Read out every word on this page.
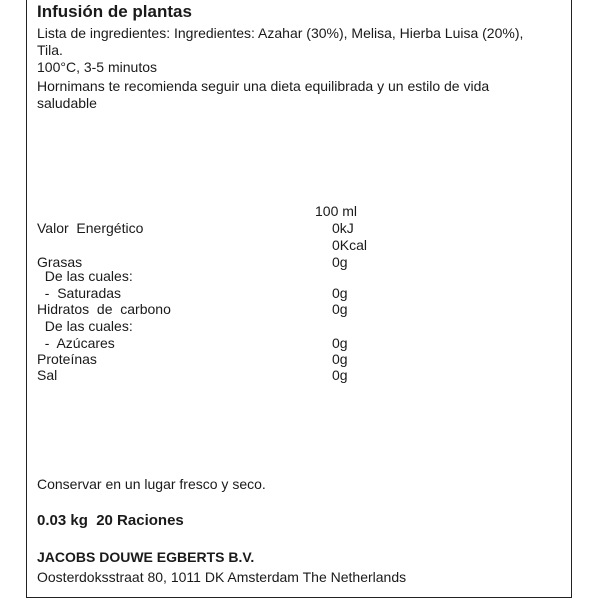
Infusión de plantas
Lista de ingredientes: Ingredientes: Azahar (30%), Melisa, Hierba Luisa (20%),
Tila.
100°C, 3-5 minutos
Hornimans te recomienda seguir una dieta equilibrada y un estilo de vida
saludable
100 ml
Valor  Energético	0kJ
0Kcal
Grasas	0g
De las cuales:
-  Saturadas	0g
Hidratos  de  carbono	0g
De las cuales:
-  Azúcares	0g
Proteínas	0g
Sal	0g
Conservar en un lugar fresco y seco.
0.03 kg  20 Raciones
JACOBS DOUWE EGBERTS B.V.
Oosterdoksstraat 80, 1011 DK Amsterdam The Netherlands
